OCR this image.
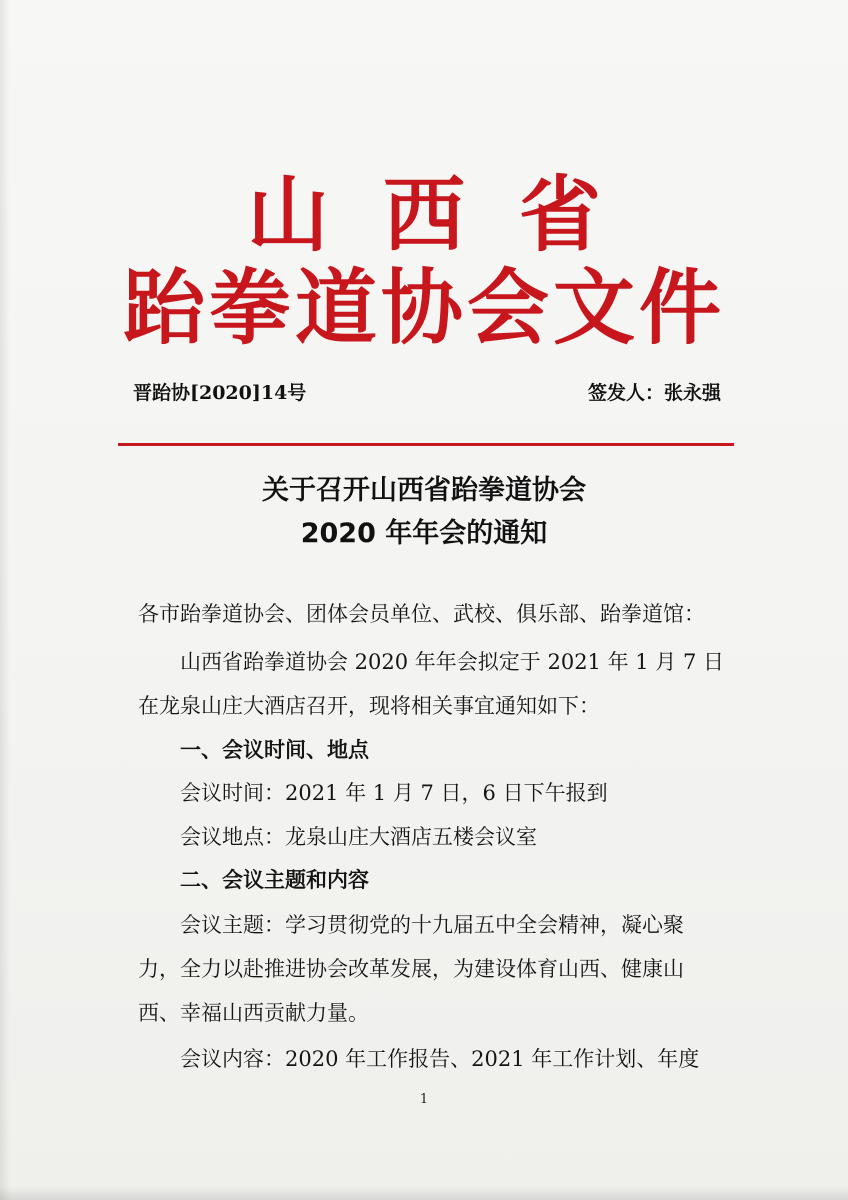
山西省
跆拳道协会文件
晋跆协[2020]14号	签发人：张永强
关于召开山西省跆拳道协会
2020 年年会的通知
各市跆拳道协会、团体会员单位、武校、俱乐部、跆拳道馆：
山西省跆拳道协会 2020 年年会拟定于 2021 年 1 月 7 日
在龙泉山庄大酒店召开，现将相关事宜通知如下：
一、会议时间、地点
会议时间：2021 年 1 月 7 日，6 日下午报到
会议地点：龙泉山庄大酒店五楼会议室
二、会议主题和内容
会议主题：学习贯彻党的十九届五中全会精神，凝心聚
力，全力以赴推进协会改革发展，为建设体育山西、健康山
西、幸福山西贡献力量。
会议内容：2020 年工作报告、2021 年工作计划、年度
1
